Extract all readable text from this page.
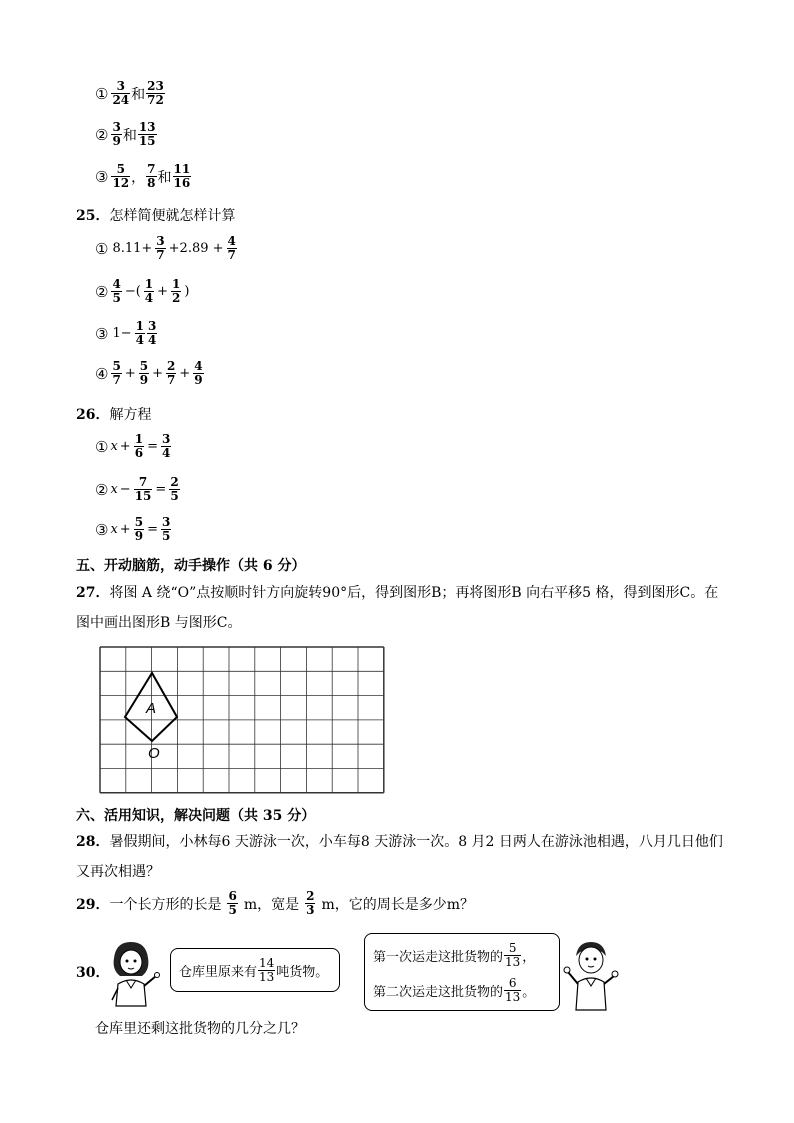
① $\frac{3}{24}$ 和 $\frac{23}{72}$
② $\frac{3}{9}$ 和 $\frac{13}{15}$
③ $\frac{5}{12}$ ， $\frac{7}{8}$ 和 $\frac{11}{16}$
25． 怎样简便就怎样计算
① $8.11+ \frac{3}{7} +2.89 + \frac{4}{7}$
② $\frac{4}{5}$ −( $\frac{1}{4} + \frac{1}{2}$ )
③ $1- \frac{1}{4} \frac{3}{4}$
④ $\frac{5}{7} + \frac{5}{9} + \frac{2}{7} + \frac{4}{9}$
26． 解方程
① $x + \frac{1}{6} = \frac{3}{4}$
② $x - \frac{7}{15} = \frac{2}{5}$
③ $x + \frac{5}{9} = \frac{3}{5}$
五、开动脑筋，动手操作（共 6 分）
27． 将图 A 绕“O”点按顺时针方向旋转90°后，得到图形B；再将图形B 向右平移5 格，得到图形C。在
图中画出图形B 与图形C。
A
O
六、活用知识，解决问题（共 35 分）
28． 暑假期间，小林每6 天游泳一次，小车每8 天游泳一次。8 月2 日两人在游泳池相遇，八月几日他们
又再次相遇？
29． 一个长方形的长是 $\frac{6}{5}$ m，宽是 $\frac{2}{3}$ m，它的周长是多少m？
30．	仓库里原来有 $\frac{14}{13}$ 吨货物。
第一次运走这批货物的 $\frac{5}{13}$ ，
第二次运走这批货物的 $\frac{6}{13}$ 。
仓库里还剩这批货物的几分之几？
